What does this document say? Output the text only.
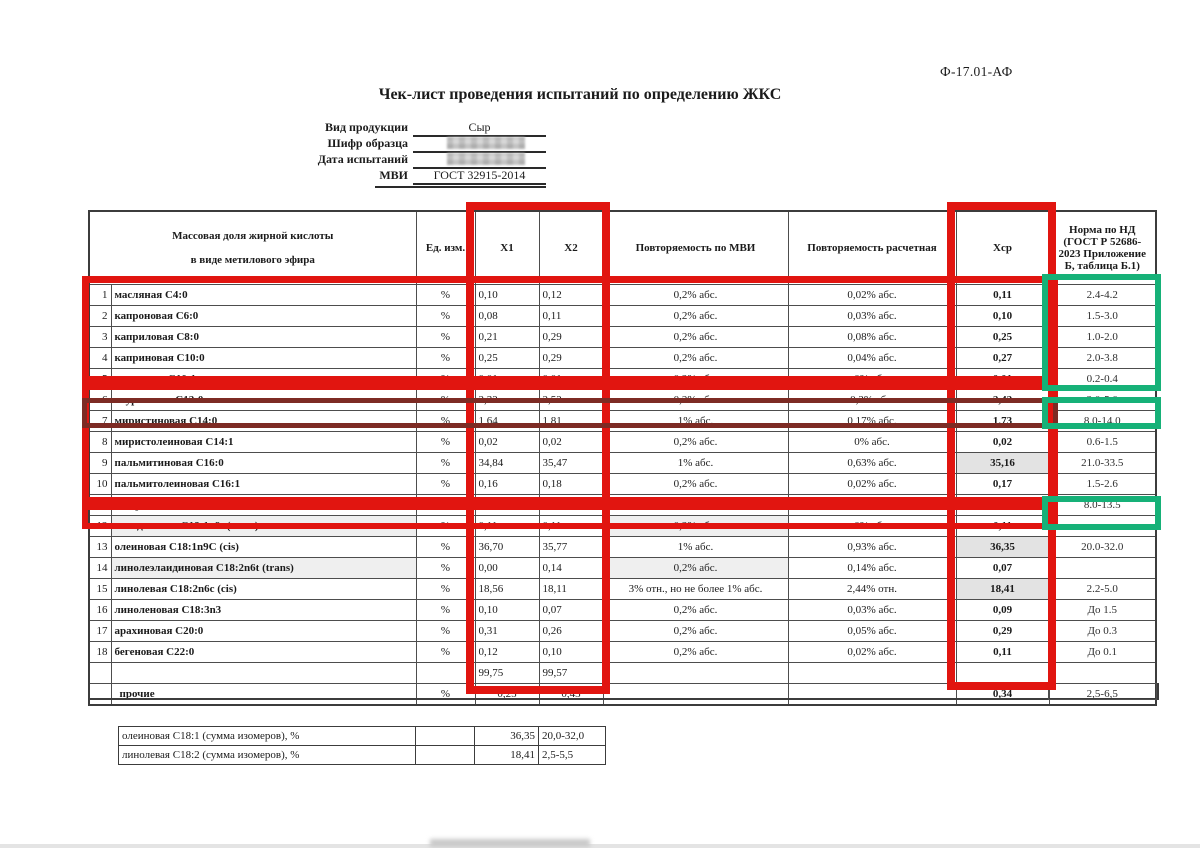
Ф-17.01-АФ
Чек-лист проведения испытаний по определению ЖКС
Вид продукции	Сыр
Шифр образца
Дата испытаний
МВИ	ГОСТ 32915-2014
Массовая доля жирной кислоты
в виде метилового эфира		Ед. изм.	X1	X2	Повторяемость по МВИ	Повторяемость расчетная	Хср	Норма по НД (ГОСТ Р 52686-2023 Приложение Б, таблица Б.1)
1	масляная C4:0	%	0,10	0,12	0,2% абс.	0,02% абс.	0,11	2.4-4.2
2	капроновая C6:0	%	0,08	0,11	0,2% абс.	0,03% абс.	0,10	1.5-3.0
3	каприловая C8:0	%	0,21	0,29	0,2% абс.	0,08% абс.	0,25	1.0-2.0
4	каприновая C10:0	%	0,25	0,29	0,2% абс.	0,04% абс.	0,27	2.0-3.8
5	деценовая C10:1	%	0,01	0,01	0,2% абс.	0% абс.	0,01	0.2-0.4
6	лауриновая C12:0	%	2,32	2,52	0,2% абс.	0,2% абс.	2,42	2.0-5.0
7	миристиновая C14:0	%	1,64	1,81	1% абс.	0,17% абс.	1,73	8.0-14.0
8	миристолеиновая C14:1	%	0,02	0,02	0,2% абс.	0% абс.	0,02	0.6-1.5
9	пальмитиновая C16:0	%	34,84	35,47	1% абс.	0,63% абс.	35,16	21.0-33.5
10	пальмитолеиновая C16:1	%	0,16	0,18	0,2% абс.	0,02% абс.	0,17	1.5-2.6
11	стеариновая C18:0	%	4,22	4,19	1% абс.	0,03% абс.	4,21	8.0-13.5
12	элаидиновая C18:1n9t (trans)	%	0,11	0,11	0,2% абс.	0% абс.	0,11	
13	олеиновая C18:1n9C (cis)	%	36,70	35,77	1% абс.	0,93% абс.	36,35	20.0-32.0
14	линолеэлаидиновая C18:2n6t (trans)	%	0,00	0,14	0,2% абс.	0,14% абс.	0,07	
15	линолевая C18:2n6c (cis)	%	18,56	18,11	3% отн., но не более 1% абс.	2,44% отн.	18,41	2.2-5.0
16	линоленовая C18:3n3	%	0,10	0,07	0,2% абс.	0,03% абс.	0,09	До 1.5
17	арахиновая C20:0	%	0,31	0,26	0,2% абс.	0,05% абс.	0,29	До 0.3
18	бегеновая C22:0	%	0,12	0,10	0,2% абс.	0,02% абс.	0,11	До 0.1
			99,75	99,57				
	прочие	%	0,25	0,43			0,34	2,5-6,5
олеиновая C18:1 (сумма изомеров), %		36,35	20,0-32,0
линолевая C18:2 (сумма изомеров), %		18,41	2,5-5,5
